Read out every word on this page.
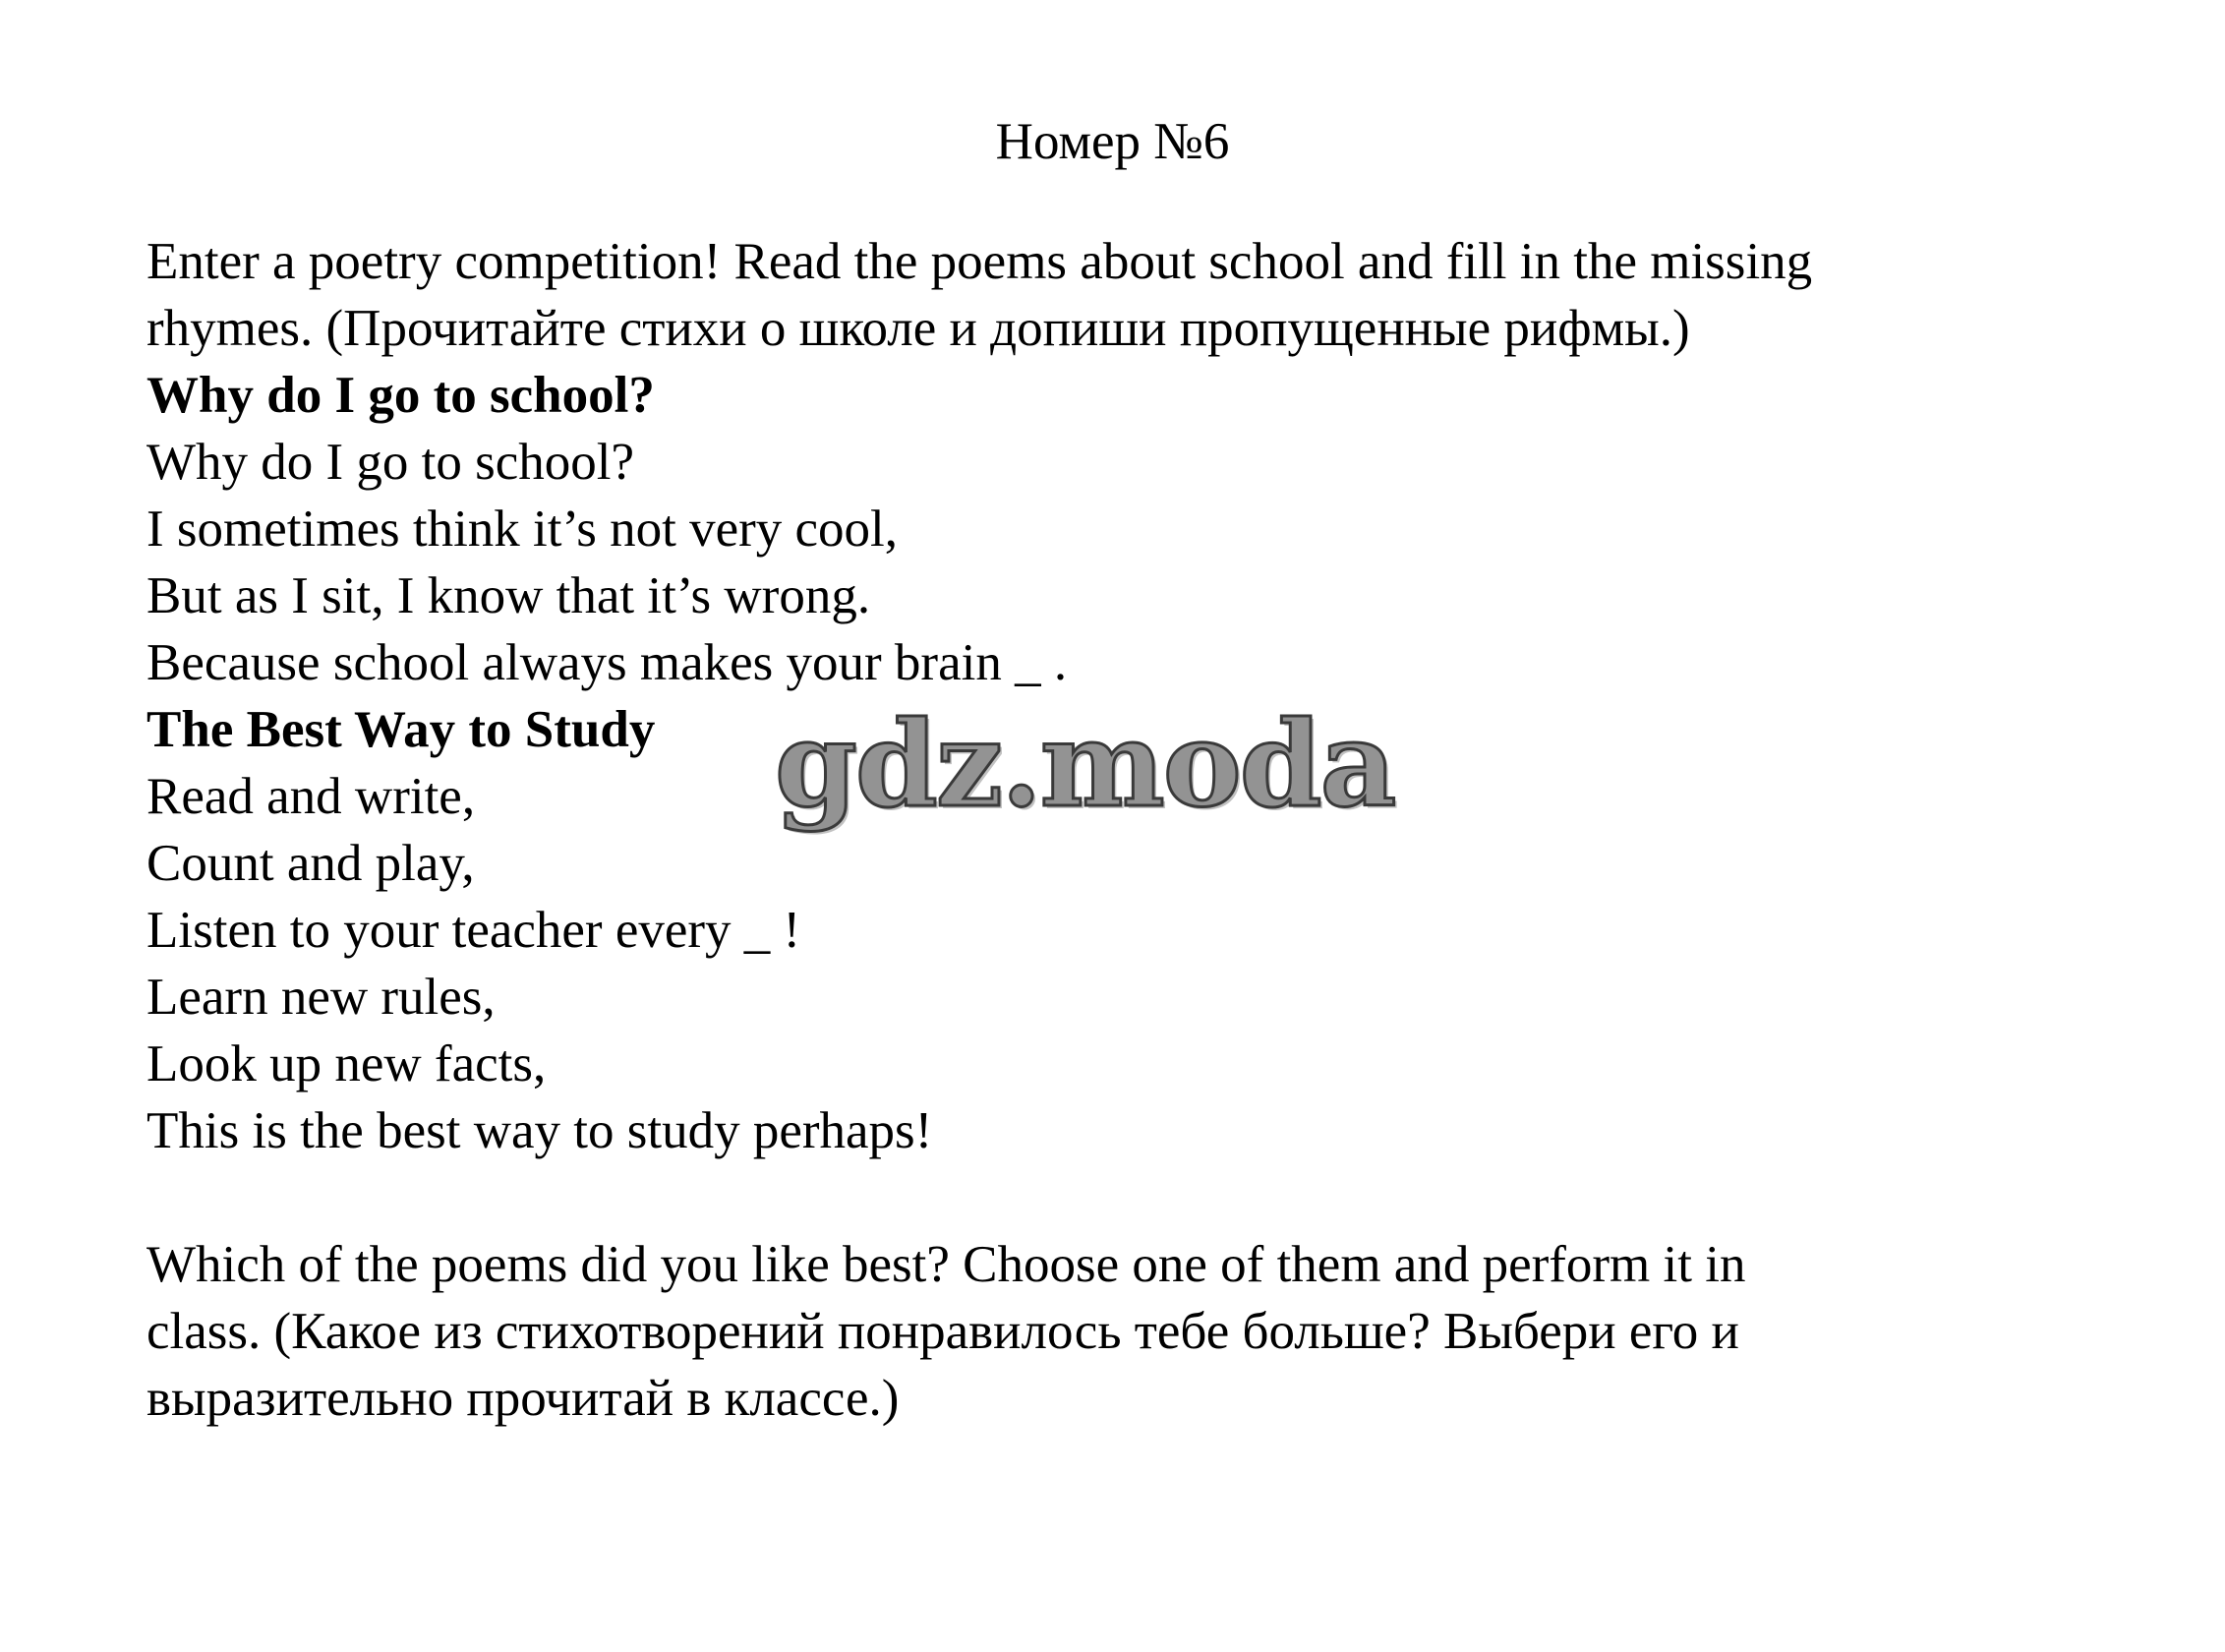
Номер №6
Enter a poetry competition! Read the poems about school and fill in the missing
rhymes. (Прочитайте стихи о школе и допиши пропущенные рифмы.)
Why do I go to school?
Why do I go to school?
I sometimes think it’s not very cool,
But as I sit, I know that it’s wrong.
Because school always makes your brain _ .
The Best Way to Study
Read and write,
Count and play,
Listen to your teacher every _ !
Learn new rules,
Look up new facts,
This is the best way to study perhaps!
Which of the poems did you like best? Choose one of them and perform it in
class. (Какое из стихотворений понравилось тебе больше? Выбери его и
выразительно прочитай в классе.)
gdz.moda
